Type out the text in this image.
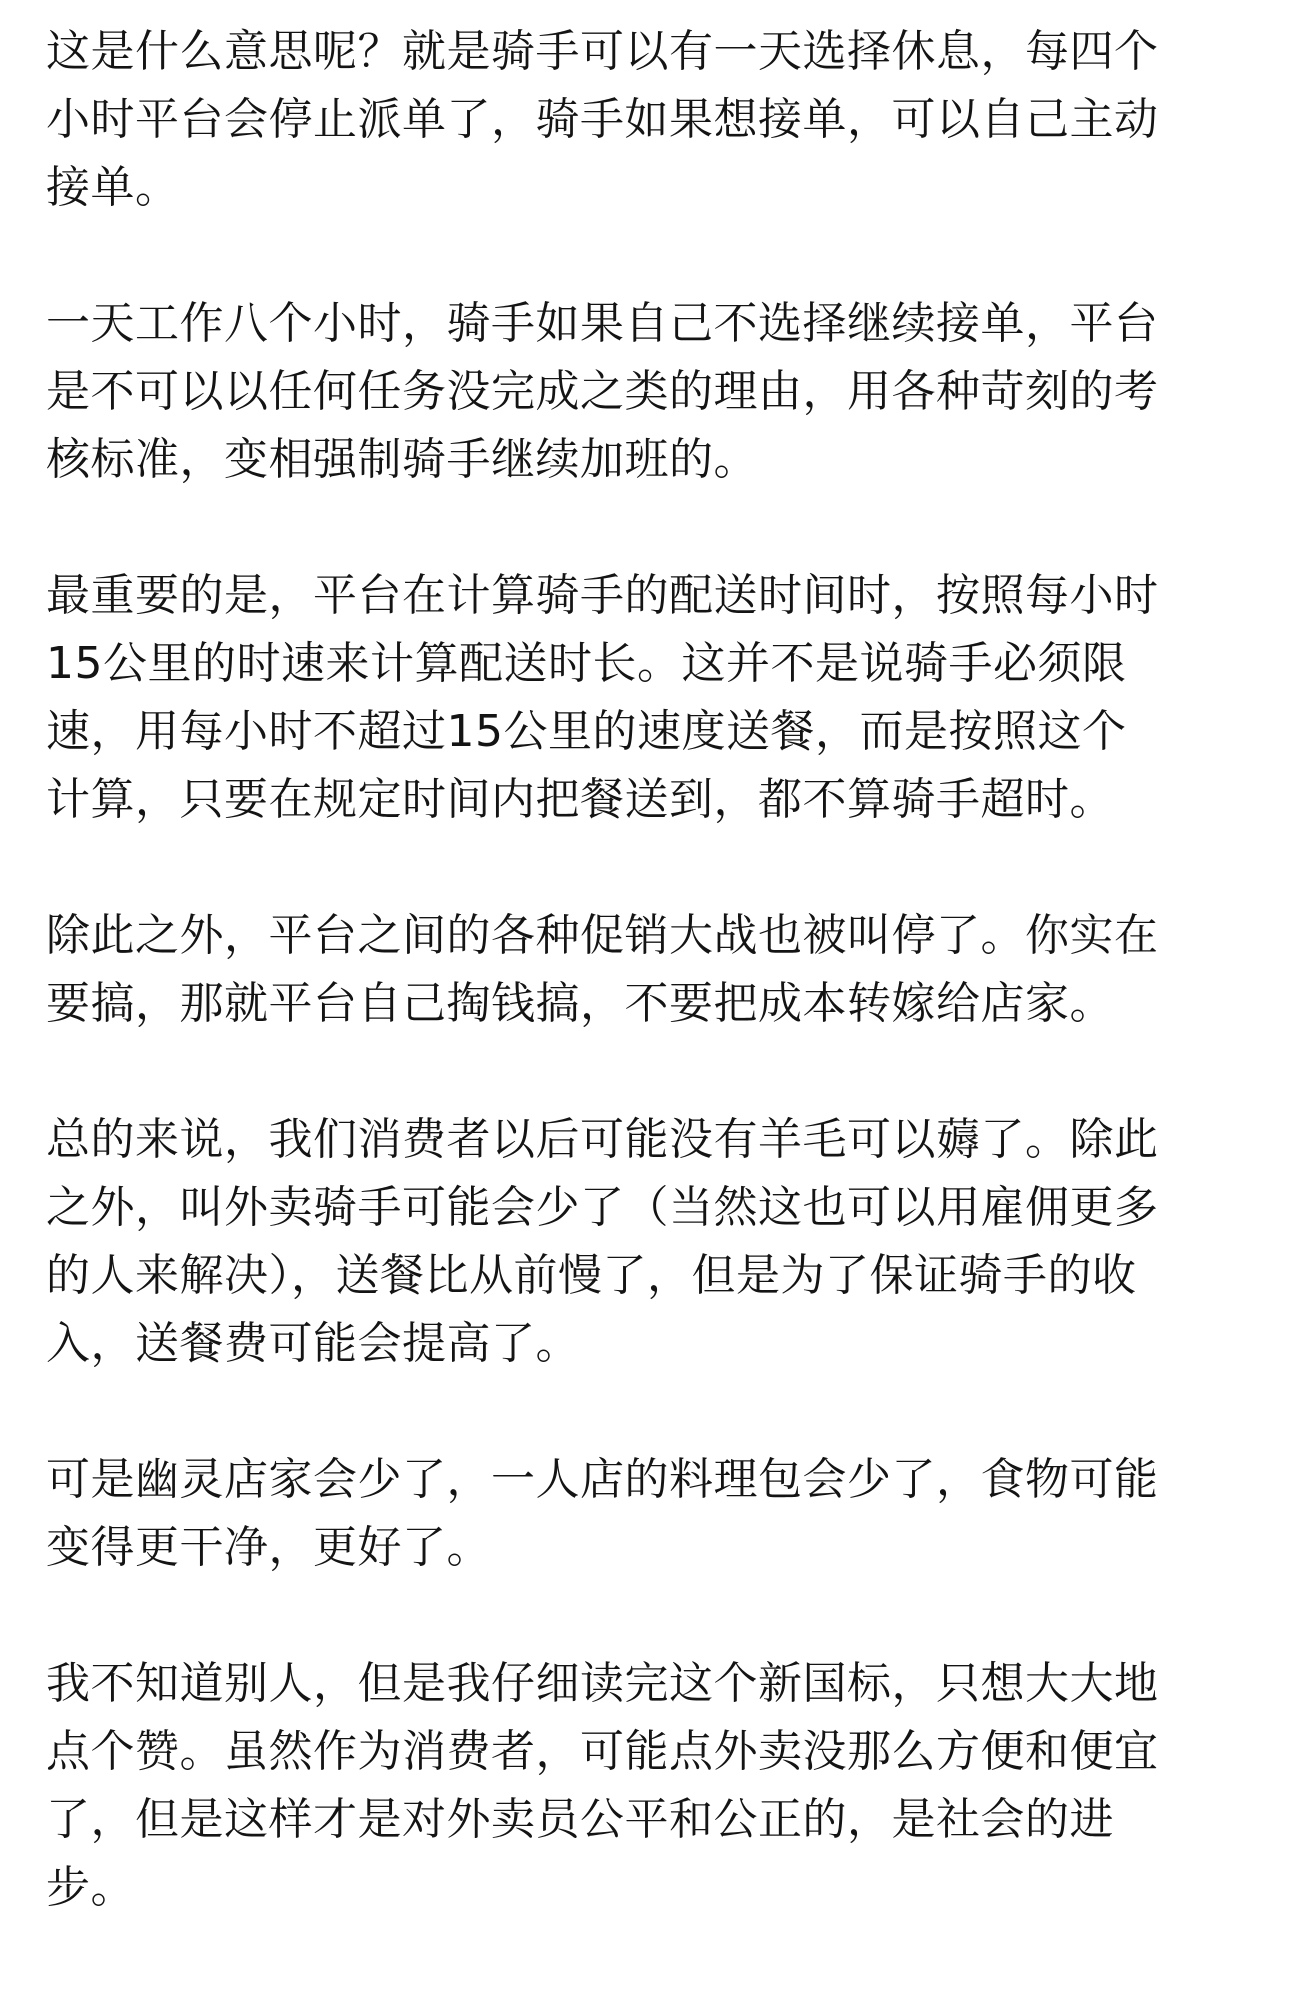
这是什么意思呢？就是骑手可以有一天选择休息，每四个
小时平台会停止派单了，骑手如果想接单，可以自己主动
接单。

一天工作八个小时，骑手如果自己不选择继续接单，平台
是不可以以任何任务没完成之类的理由，用各种苛刻的考
核标准，变相强制骑手继续加班的。

最重要的是，平台在计算骑手的配送时间时，按照每小时
15公里的时速来计算配送时长。这并不是说骑手必须限
速，用每小时不超过15公里的速度送餐，而是按照这个
计算，只要在规定时间内把餐送到，都不算骑手超时。

除此之外，平台之间的各种促销大战也被叫停了。你实在
要搞，那就平台自己掏钱搞，不要把成本转嫁给店家。

总的来说，我们消费者以后可能没有羊毛可以薅了。除此
之外，叫外卖骑手可能会少了（当然这也可以用雇佣更多
的人来解决），送餐比从前慢了，但是为了保证骑手的收
入，送餐费可能会提高了。

可是幽灵店家会少了，一人店的料理包会少了，食物可能
变得更干净，更好了。

我不知道别人，但是我仔细读完这个新国标，只想大大地
点个赞。虽然作为消费者，可能点外卖没那么方便和便宜
了，但是这样才是对外卖员公平和公正的，是社会的进
步。
